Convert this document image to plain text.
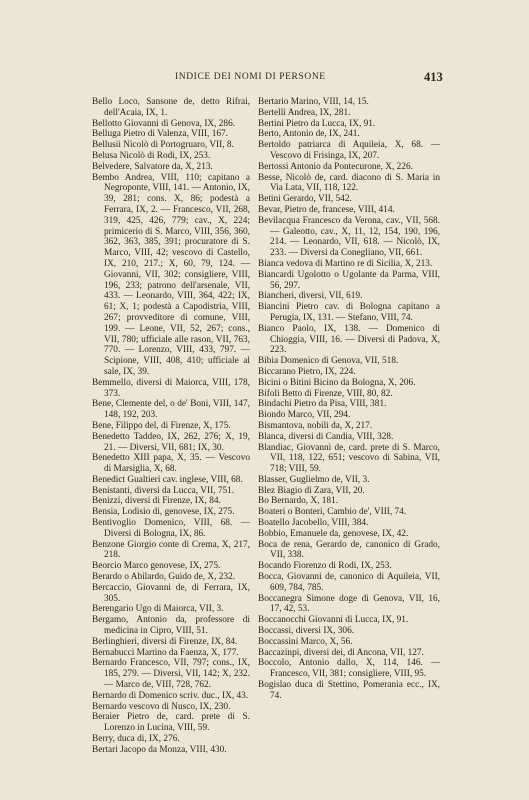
INDICE DEI NOMI DI PERSONE	413

Bello Loco, Sansone de, detto Rifrai, dell'Acaia, IX, 1.

Bellotto Giovanni di Genova, IX, 286.

Belluga Pietro di Valenza, VIII, 167.

Bellusii Nicolò di Portogruaro, VII, 8.

Belusa Nicolò di Rodi, IX, 253.

Belvedere, Salvatore da, X, 213.

Bembo Andrea, VIII, 110; capitano a Negroponte, VIII, 141. — Antonio, IX, 39, 281; cons. X, 86; podestà a Ferrara, IX, 2. — Francesco, VII, 268, 319, 425, 426, 779; cav., X, 224; primicerio di S. Marco, VIII, 356, 360, 362, 363, 385, 391; procuratore di S. Marco, VIII, 42; vescovo di Castello, IX, 210, 217.; X, 60, 79, 124. — Giovanni, VII, 302; consigliere, VIII, 196, 233; patrono dell'arsenale, VII, 433. — Leonardo, VIII, 364, 422; IX, 61; X, 1; podestà a Capodistria, VIII, 267; provveditore di comune, VIII, 199. — Leone, VII, 52, 267; cons., VII, 780; ufficiale alle rason, VII, 763, 770. — Lorenzo, VIII, 433, 797. — Scipione, VIII, 408, 410; ufficiale al sale, IX, 39.

Bemmello, diversi di Maiorca, VIII, 178, 373.

Bene, Clemente del, o de' Boni, VIII, 147, 148, 192, 203.

Bene, Filippo del, di Firenze, X, 175.

Benedetto Taddeo, IX, 262, 276; X, 19, 21. — Diversi, VII, 681; IX, 30.

Benedetto XIII papa, X, 35. — Vescovo di Marsiglia, X, 68.

Benedict Gualtieri cav. inglese, VIII, 68.

Benistanti, diversi da Lucca, VII, 751.

Benizzi, diversi di Firenze, IX, 84.

Bensia, Lodisio di, genovese, IX, 275.

Bentivoglio Domenico, VIII, 68. — Diversi di Bologna, IX, 86.

Benzone Giorgio conte di Crema, X, 217, 218.

Beorcio Marco genovese, IX, 275.

Berardo o Abilardo, Guido de, X, 232.

Bercaccio, Giovanni de, di Ferrara, IX, 305.

Berengario Ugo di Maiorca, VII, 3.

Bergamo, Antonio da, professore di medicina in Cipro, VIII, 51.

Berlinghieri, diversi di Firenze, IX, 84.

Bernabucci Martino da Faenza, X, 177.

Bernardo Francesco, VII, 797; cons., IX, 185, 279. — Diversi, VII, 142; X, 232. — Marco de, VIII, 728, 762.

Bernardo di Domenico scriv. duc., IX, 43.

Bernardo vescovo di Nusco, IX, 230.

Beraier Pietro de, card. prete di S. Lorenzo in Lucina, VIII, 59.

Berry, duca di, IX, 276.

Bertari Jacopo da Monza, VIII, 430.

Bertario Marino, VIII, 14, 15.

Bertelli Andrea, IX, 281.

Bertini Pietro da Lucca, IX, 91.

Berto, Antonio de, IX, 241.

Bertoldo patriarca di Aquileia, X, 68. — Vescovo di Frisinga, IX, 207.

Bertossi Antonio da Pontecurone, X, 226.

Besse, Nicolò de, card. diacono di S. Maria in Via Lata, VII, 118, 122.

Betini Gerardo, VII, 542.

Bevar, Pietro de, francese, VIII, 414.

Bevilacqua Francesco da Verona, cav., VII, 568. — Galeotto, cav., X, 11, 12, 154, 190, 196, 214. — Leonardo, VII, 618. — Nicolò, IX, 233. — Diversi da Conegliano, VII, 661.

Bianca vedova di Martino re di Sicilia, X, 213.

Biancardi Ugolotto o Ugolante da Parma, VIII, 56, 297.

Biancheri, diversi, VII, 619.

Biancini Pietro cav. di Bologna capitano a Perugia, IX, 131. — Stefano, VIII, 74.

Bianco Paolo, IX, 138. — Domenico di Chioggia, VIII, 16. — Diversi di Padova, X, 223.

Bibia Domenico di Genova, VII, 518.

Biccarano Pietro, IX, 224.

Bicini o Bitini Bicino da Bologna, X, 206.

Bifoli Betto di Firenze, VIII, 80, 82.

Bindachi Pietro da Pisa, VIII, 381.

Biondo Marco, VII, 294.

Bismantova, nobili da, X, 217.

Blanca, diversi di Candia, VIII, 328.

Blandiac, Giovanni de, card. prete di S. Marco, VII, 118, 122, 651; vescovo di Sabina, VII, 718; VIII, 59.

Blasser, Guglielmo de, VII, 3.

Blez Biagio di Zara, VII, 20.

Bo Bernardo, X, 181.

Boateri o Bonteri, Cambio de', VIII, 74.

Boatello Jacobello, VIII, 384.

Bobbio, Emanuele da, genovese, IX, 42.

Boca de rena, Gerardo de, canonico di Grado, VII, 338.

Bocando Fiorenzo di Rodi, IX, 253.

Bocca, Giovanni de, canonico di Aquileia, VII, 609, 784, 785.

Boccanegra Simone doge di Genova, VII, 16, 17, 42, 53.

Boccanocchi Giovanni di Lucca, IX, 91.

Boccassi, diversi IX, 306.

Boccassini Marco, X, 56.

Baccazinpi, diversi dei, di Ancona, VII, 127.

Boccolo, Antonio dallo, X, 114, 146. — Francesco, VII, 381; consigliere, VIII, 95.

Bogislao duca di Stettino, Pomerania ecc., IX, 74.
